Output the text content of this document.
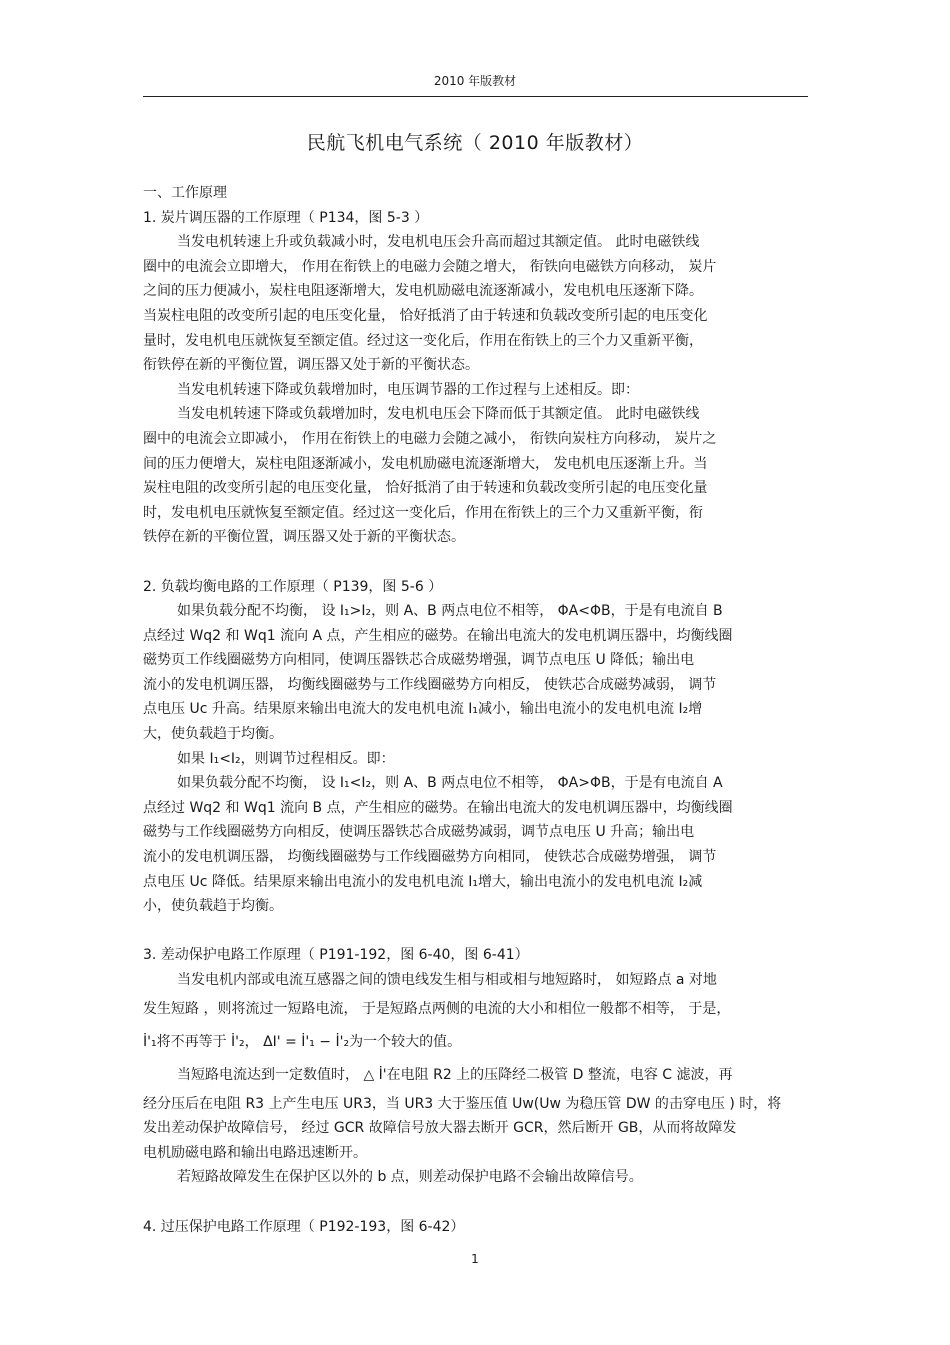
2010 年版教材
民航飞机电气系统（ 2010 年版教材）
一、工作原理
1. 炭片调压器的工作原理（ P134，图 5-3 ）
当发电机转速上升或负载减小时，发电机电压会升高而超过其额定值。 此时电磁铁线
圈中的电流会立即增大， 作用在衔铁上的电磁力会随之增大， 衔铁向电磁铁方向移动， 炭片
之间的压力便减小，炭柱电阻逐渐增大，发电机励磁电流逐渐减小，发电机电压逐渐下降。
当炭柱电阻的改变所引起的电压变化量， 恰好抵消了由于转速和负载改变所引起的电压变化
量时，发电机电压就恢复至额定值。经过这一变化后，作用在衔铁上的三个力又重新平衡，
衔铁停在新的平衡位置，调压器又处于新的平衡状态。
当发电机转速下降或负载增加时，电压调节器的工作过程与上述相反。即：
当发电机转速下降或负载增加时，发电机电压会下降而低于其额定值。 此时电磁铁线
圈中的电流会立即减小， 作用在衔铁上的电磁力会随之减小， 衔铁向炭柱方向移动， 炭片之
间的压力便增大，炭柱电阻逐渐减小，发电机励磁电流逐渐增大， 发电机电压逐渐上升。当
炭柱电阻的改变所引起的电压变化量， 恰好抵消了由于转速和负载改变所引起的电压变化量
时，发电机电压就恢复至额定值。经过这一变化后，作用在衔铁上的三个力又重新平衡，衔
铁停在新的平衡位置，调压器又处于新的平衡状态。
2. 负载均衡电路的工作原理（ P139，图 5-6 ）
如果负载分配不均衡， 设 I₁>I₂，则 A、B 两点电位不相等， ΦA<ΦB，于是有电流自 B
点经过 Wq2 和 Wq1 流向 A 点，产生相应的磁势。在输出电流大的发电机调压器中，均衡线圈
磁势页工作线圈磁势方向相同，使调压器铁芯合成磁势增强，调节点电压 U 降低；输出电
流小的发电机调压器， 均衡线圈磁势与工作线圈磁势方向相反， 使铁芯合成磁势减弱， 调节
点电压 Uc 升高。结果原来输出电流大的发电机电流 I₁减小，输出电流小的发电机电流 I₂增
大，使负载趋于均衡。
如果 I₁<I₂，则调节过程相反。即：
如果负载分配不均衡， 设 I₁<I₂，则 A、B 两点电位不相等， ΦA>ΦB，于是有电流自 A
点经过 Wq2 和 Wq1 流向 B 点，产生相应的磁势。在输出电流大的发电机调压器中，均衡线圈
磁势与工作线圈磁势方向相反，使调压器铁芯合成磁势减弱，调节点电压 U 升高；输出电
流小的发电机调压器， 均衡线圈磁势与工作线圈磁势方向相同， 使铁芯合成磁势增强， 调节
点电压 Uc 降低。结果原来输出电流小的发电机电流 I₁增大，输出电流小的发电机电流 I₂减
小，使负载趋于均衡。
3. 差动保护电路工作原理（ P191-192，图 6-40，图 6-41）
当发电机内部或电流互感器之间的馈电线发生相与相或相与地短路时， 如短路点 a 对地
发生短路 ，则将流过一短路电流， 于是短路点两侧的电流的大小和相位一般都不相等， 于是，
İ'₁将不再等于 İ'₂， ΔI' = İ'₁ − İ'₂为一个较大的值。
当短路电流达到一定数值时， △ İ'在电阻 R2 上的压降经二极管 D 整流，电容 C 滤波，再
经分压后在电阻 R3 上产生电压 UR3，当 UR3 大于鉴压值 Uw(Uw 为稳压管 DW 的击穿电压 ) 时，将
发出差动保护故障信号， 经过 GCR 故障信号放大器去断开 GCR，然后断开 GB，从而将故障发
电机励磁电路和输出电路迅速断开。
若短路故障发生在保护区以外的 b 点，则差动保护电路不会输出故障信号。
4. 过压保护电路工作原理（ P192-193，图 6-42）
1
